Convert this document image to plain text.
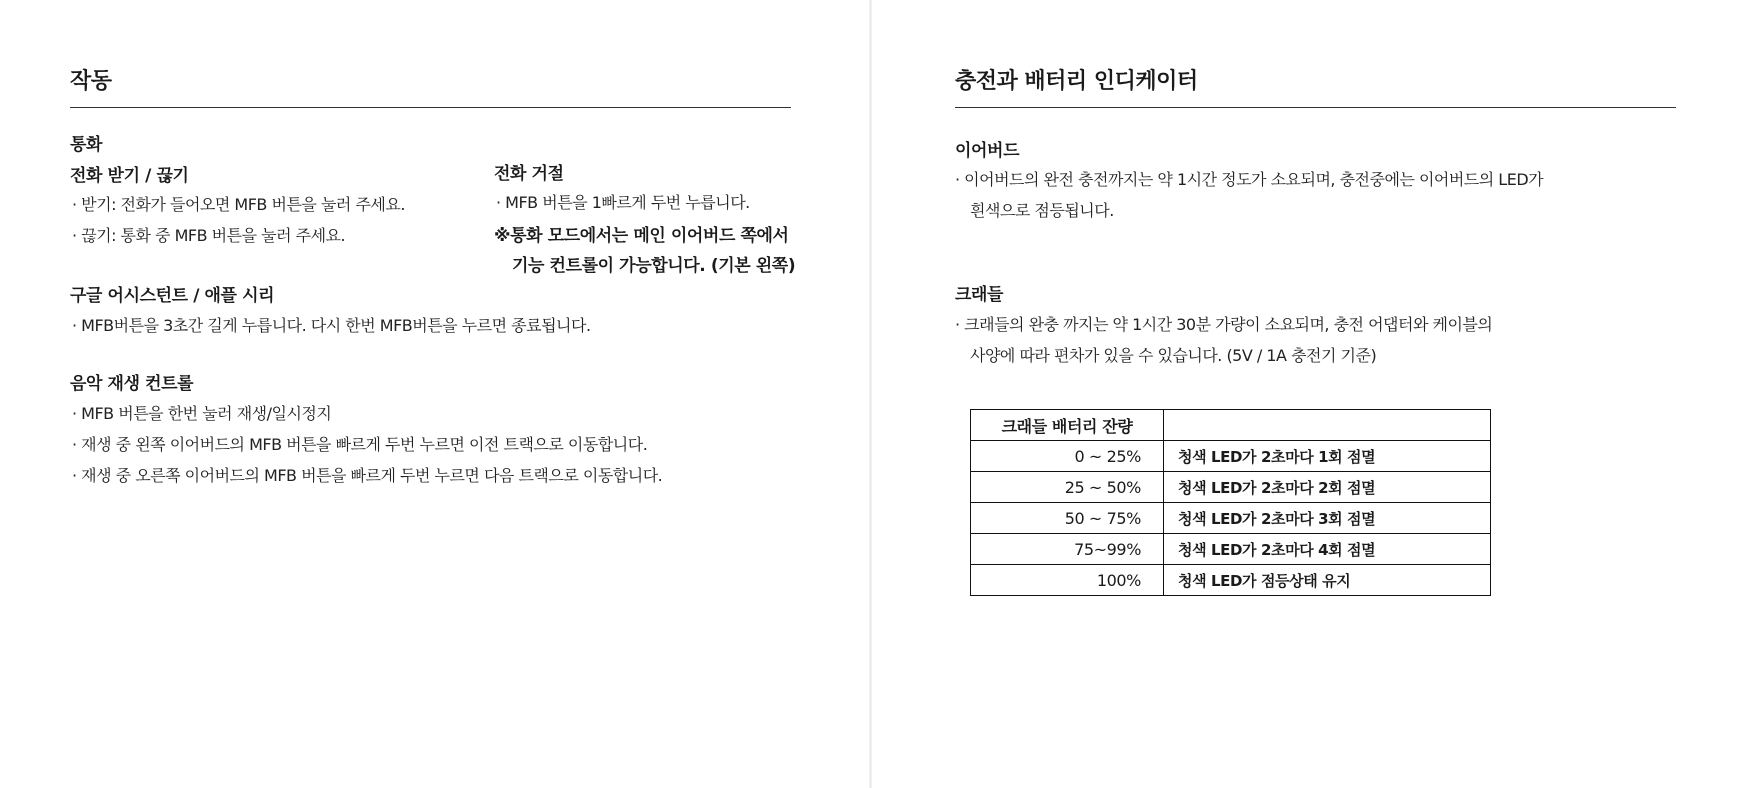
작동
통화
전화 받기 / 끊기
· 받기: 전화가 들어오면 MFB 버튼을 눌러 주세요.
· 끊기: 통화 중 MFB 버튼을 눌러 주세요.
전화 거절
· MFB 버튼을 1빠르게 두번 누릅니다.
※통화 모드에서는 메인 이어버드 쪽에서
기능 컨트롤이 가능합니다. (기본 왼쪽)
구글 어시스턴트 / 애플 시리
· MFB버튼을 3초간 길게 누릅니다. 다시 한번 MFB버튼을 누르면 종료됩니다.
음악 재생 컨트롤
· MFB 버튼을 한번 눌러 재생/일시정지
· 재생 중 왼쪽 이어버드의 MFB 버튼을 빠르게 두번 누르면 이전 트랙으로 이동합니다.
· 재생 중 오른쪽 이어버드의 MFB 버튼을 빠르게 두번 누르면 다음 트랙으로 이동합니다.
충전과 배터리 인디케이터
이어버드
· 이어버드의 완전 충전까지는 약 1시간 정도가 소요되며, 충전중에는 이어버드의 LED가
흰색으로 점등됩니다.
크래들
· 크래들의 완충 까지는 약 1시간 30분 가량이 소요되며, 충전 어댑터와 케이블의
사양에 따라 편차가 있을 수 있습니다. (5V / 1A 충전기 기준)
크래들 배터리 잔량	
0 ~ 25%	청색 LED가 2초마다 1회 점멸
25 ~ 50%	청색 LED가 2초마다 2회 점멸
50 ~ 75%	청색 LED가 2초마다 3회 점멸
75~99%	청색 LED가 2초마다 4회 점멸
100%	청색 LED가 점등상태 유지
